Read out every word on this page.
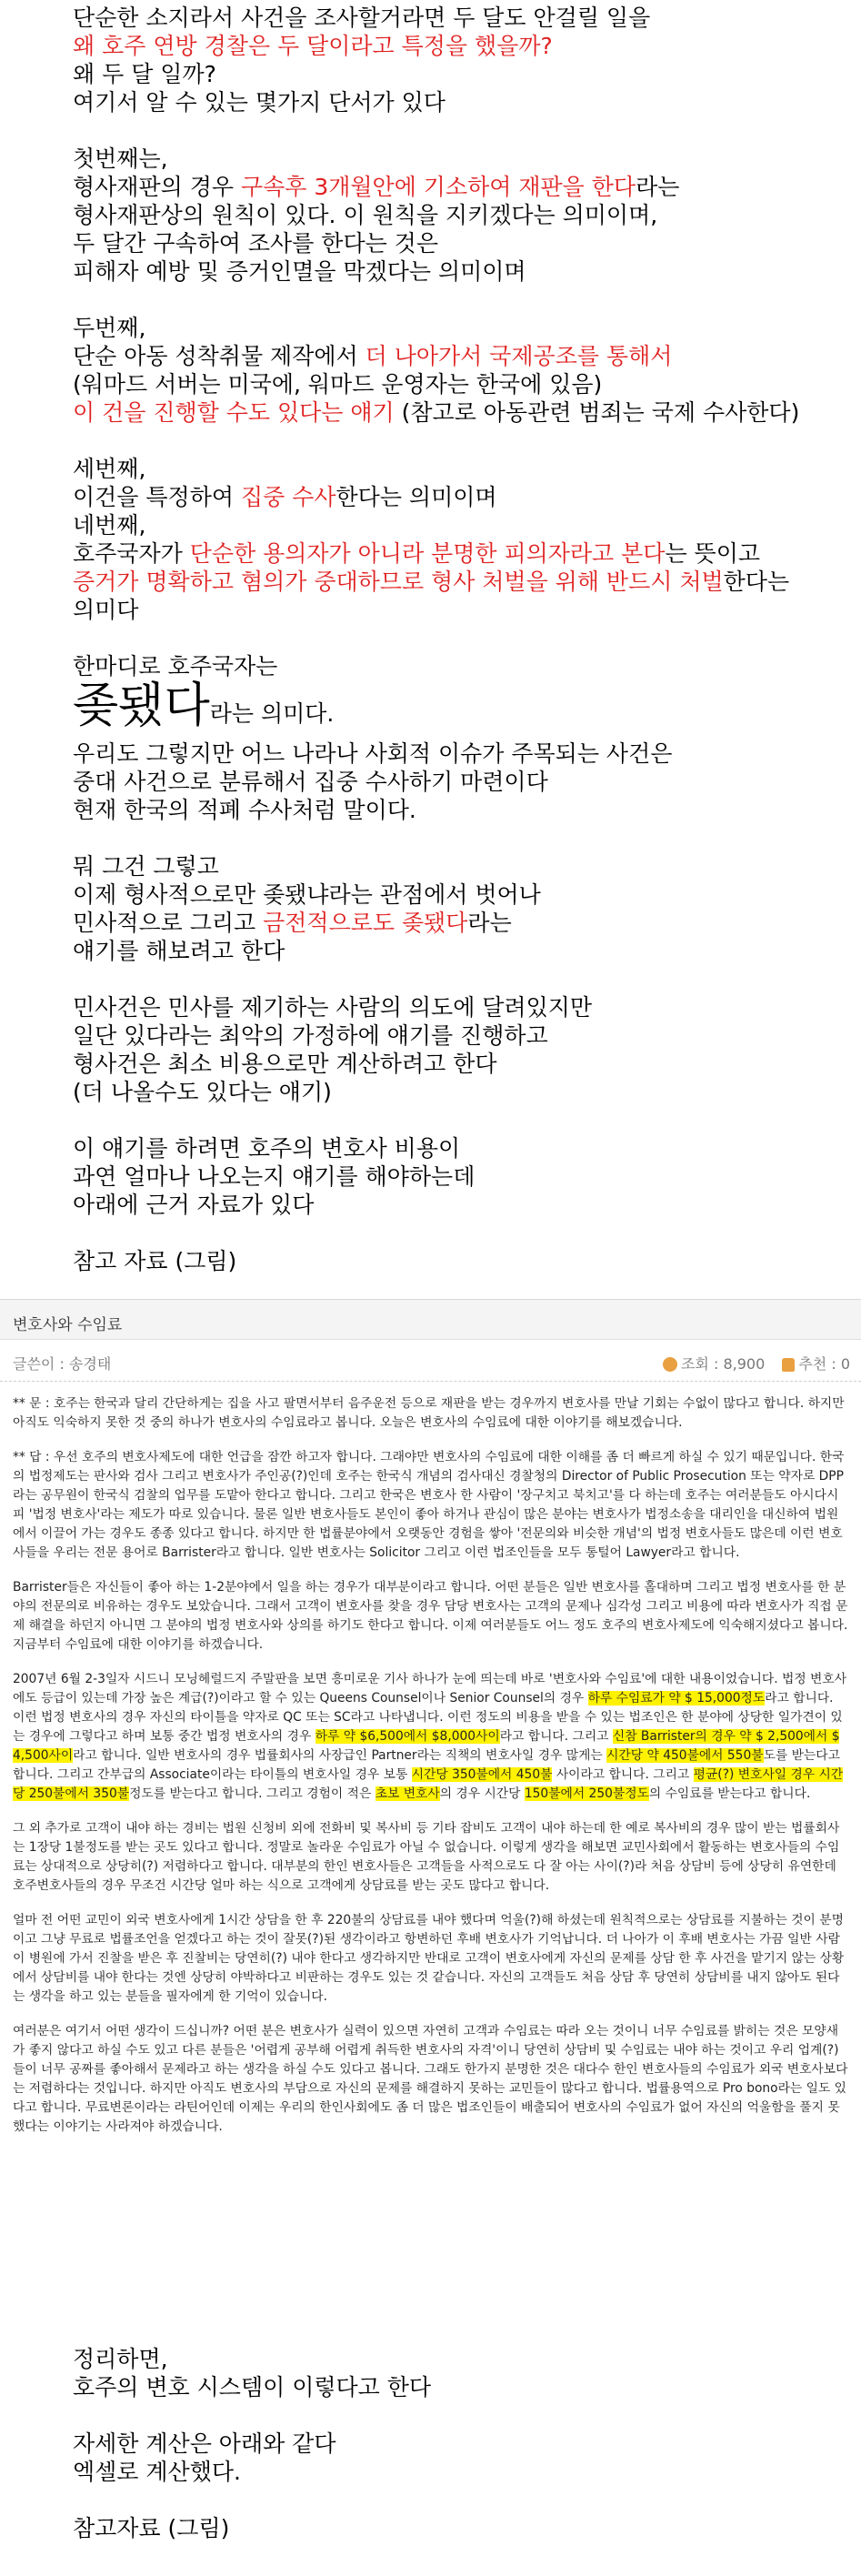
단순한 소지라서 사건을 조사할거라면 두 달도 안걸릴 일을
왜 호주 연방 경찰은 두 달이라고 특정을 했을까?
왜 두 달 일까?
여기서 알 수 있는 몇가지 단서가 있다
첫번째는,
형사재판의 경우 구속후 3개월안에 기소하여 재판을 한다라는
형사재판상의 원칙이 있다. 이 원칙을 지키겠다는 의미이며,
두 달간 구속하여 조사를 한다는 것은
피해자 예방 및 증거인멸을 막겠다는 의미이며
두번째,
단순 아동 성착취물 제작에서 더 나아가서 국제공조를 통해서
(워마드 서버는 미국에, 워마드 운영자는 한국에 있음)
이 건을 진행할 수도 있다는 얘기 (참고로 아동관련 범죄는 국제 수사한다)
세번째,
이건을 특정하여 집중 수사한다는 의미이며
네번째,
호주국자가 단순한 용의자가 아니라 분명한 피의자라고 본다는 뜻이고
증거가 명확하고 혐의가 중대하므로 형사 처벌을 위해 반드시 처벌한다는
의미다
한마디로 호주국자는
좆됐다라는 의미다.
우리도 그렇지만 어느 나라나 사회적 이슈가 주목되는 사건은
중대 사건으로 분류해서 집중 수사하기 마련이다
현재 한국의 적폐 수사처럼 말이다.
뭐 그건 그렇고
이제 형사적으로만 좆됐냐라는 관점에서 벗어나
민사적으로 그리고 금전적으로도 좆됐다라는
얘기를 해보려고 한다
민사건은 민사를 제기하는 사람의 의도에 달려있지만
일단 있다라는 최악의 가정하에 얘기를 진행하고
형사건은 최소 비용으로만 계산하려고 한다
(더 나올수도 있다는 얘기)
이 얘기를 하려면 호주의 변호사 비용이
과연 얼마나 나오는지 얘기를 해야하는데
아래에 근거 자료가 있다
참고 자료 (그림)
변호사와 수임료
글쓴이 : 송경태	조회 : 8,900 추천 : 0

** 문 : 호주는 한국과 달리 간단하게는 집을 사고 팔면서부터 음주운전 등으로 재판을 받는 경우까지 변호사를 만날 기회는 수없이 많다고 합니다. 하지만 아직도 익숙하지 못한 것 중의 하나가 변호사의 수임료라고 봅니다. 오늘은 변호사의 수임료에 대한 이야기를 해보겠습니다.

** 답 : 우선 호주의 변호사제도에 대한 언급을 잠깐 하고자 합니다. 그래야만 변호사의 수임료에 대한 이해를 좀 더 빠르게 하실 수 있기 때문입니다. 한국의 법정제도는 판사와 검사 그리고 변호사가 주인공(?)인데 호주는 한국식 개념의 검사대신 경찰청의 Director of Public Prosecution 또는 약자로 DPP라는 공무원이 한국식 검찰의 업무를 도맡아 한다고 합니다. 그리고 한국은 변호사 한 사람이 '장구치고 북치고'를 다 하는데 호주는 여러분들도 아시다시피 '법정 변호사'라는 제도가 따로 있습니다. 물론 일반 변호사들도 본인이 좋아 하거나 관심이 많은 분야는 변호사가 법정소송을 대리인을 대신하여 법원에서 이끌어 가는 경우도 종종 있다고 합니다. 하지만 한 법률분야에서 오랫동안 경험을 쌓아 '전문의와 비슷한 개념'의 법정 변호사들도 많은데 이런 변호사들을 우리는 전문 용어로 Barrister라고 합니다. 일반 변호사는 Solicitor 그리고 이런 법조인들을 모두 통털어 Lawyer라고 합니다.

Barrister들은 자신들이 좋아 하는 1-2분야에서 일을 하는 경우가 대부분이라고 합니다. 어떤 분들은 일반 변호사를 홀대하며 그리고 법정 변호사를 한 분야의 전문의로 비유하는 경우도 보았습니다. 그래서 고객이 변호사를 찾을 경우 담당 변호사는 고객의 문제나 심각성 그리고 비용에 따라 변호사가 직접 문제 해결을 하던지 아니면 그 분야의 법정 변호사와 상의를 하기도 한다고 합니다. 이제 여러분들도 어느 정도 호주의 변호사제도에 익숙해지셨다고 봅니다. 지금부터 수임료에 대한 이야기를 하겠습니다.

2007년 6월 2-3일자 시드니 모닝헤럴드지 주말판을 보면 흥미로운 기사 하나가 눈에 띄는데 바로 '변호사와 수임료'에 대한 내용이었습니다. 법정 변호사에도 등급이 있는데 가장 높은 계급(?)이라고 할 수 있는 Queens Counsel이나 Senior Counsel의 경우 하루 수임료가 약 $ 15,000정도라고 합니다. 이런 법정 변호사의 경우 자신의 타이틀을 약자로 QC 또는 SC라고 나타냅니다. 이런 정도의 비용을 받을 수 있는 법조인은 한 분야에 상당한 일가견이 있는 경우에 그렇다고 하며 보통 중간 법정 변호사의 경우 하루 약 $6,500에서 $8,000사이라고 합니다. 그리고 신참 Barrister의 경우 약 $ 2,500에서 $ 4,500사이라고 합니다. 일반 변호사의 경우 법률회사의 사장급인 Partner라는 직책의 변호사일 경우 많게는 시간당 약 450불에서 550불도를 받는다고 합니다. 그리고 간부급의 Associate이라는 타이틀의 변호사일 경우 보통 시간당 350불에서 450불 사이라고 합니다. 그리고 평균(?) 변호사일 경우 시간당 250불에서 350불정도를 받는다고 합니다. 그리고 경험이 적은 초보 변호사의 경우 시간당 150불에서 250불정도의 수임료를 받는다고 합니다.

그 외 추가로 고객이 내야 하는 경비는 법원 신청비 외에 전화비 및 복사비 등 기타 잡비도 고객이 내야 하는데 한 예로 복사비의 경우 많이 받는 법률회사는 1장당 1불정도를 받는 곳도 있다고 합니다. 정말로 놀라운 수임료가 아닐 수 없습니다. 이렇게 생각을 해보면 교민사회에서 활동하는 변호사들의 수임료는 상대적으로 상당히(?) 저렴하다고 합니다. 대부분의 한인 변호사들은 고객들을 사적으로도 다 잘 아는 사이(?)라 처음 상담비 등에 상당히 유연한데 호주변호사들의 경우 무조건 시간당 얼마 하는 식으로 고객에게 상담료를 받는 곳도 많다고 합니다.

얼마 전 어떤 교민이 외국 변호사에게 1시간 상담을 한 후 220불의 상담료를 내야 했다며 억울(?)해 하셨는데 원칙적으로는 상담료를 지불하는 것이 분명이고 그냥 무료로 법률조언을 얻겠다고 하는 것이 잘못(?)된 생각이라고 항변하던 후배 변호사가 기억납니다. 더 나아가 이 후배 변호사는 가끔 일반 사람이 병원에 가서 진찰을 받은 후 진찰비는 당연히(?) 내야 한다고 생각하지만 반대로 고객이 변호사에게 자신의 문제를 상담 한 후 사건을 맡기지 않는 상황에서 상담비를 내야 한다는 것엔 상당히 야박하다고 비판하는 경우도 있는 것 같습니다. 자신의 고객들도 처음 상담 후 당연히 상담비를 내지 않아도 된다는 생각을 하고 있는 분들을 필자에게 한 기억이 있습니다.

여러분은 여기서 어떤 생각이 드십니까? 어떤 분은 변호사가 실력이 있으면 자연히 고객과 수임료는 따라 오는 것이니 너무 수임료를 밝히는 것은 모양새가 좋지 않다고 하실 수도 있고 다른 분들은 '어렵게 공부해 어렵게 취득한 변호사의 자격'이니 당연히 상담비 및 수임료는 내야 하는 것이고 우리 업계(?)들이 너무 공짜를 좋아해서 문제라고 하는 생각을 하실 수도 있다고 봅니다. 그래도 한가지 분명한 것은 대다수 한인 변호사들의 수임료가 외국 변호사보다는 저렴하다는 것입니다. 하지만 아직도 변호사의 부담으로 자신의 문제를 해결하지 못하는 교민들이 많다고 합니다. 법률용역으로 Pro bono라는 일도 있다고 합니다. 무료변론이라는 라틴어인데 이제는 우리의 한인사회에도 좀 더 많은 법조인들이 배출되어 변호사의 수임료가 없어 자신의 억울함을 풀지 못했다는 이야기는 사라져야 하겠습니다.

정리하면,
호주의 변호 시스템이 이렇다고 한다
자세한 계산은 아래와 같다
엑셀로 계산했다.
참고자료 (그림)
